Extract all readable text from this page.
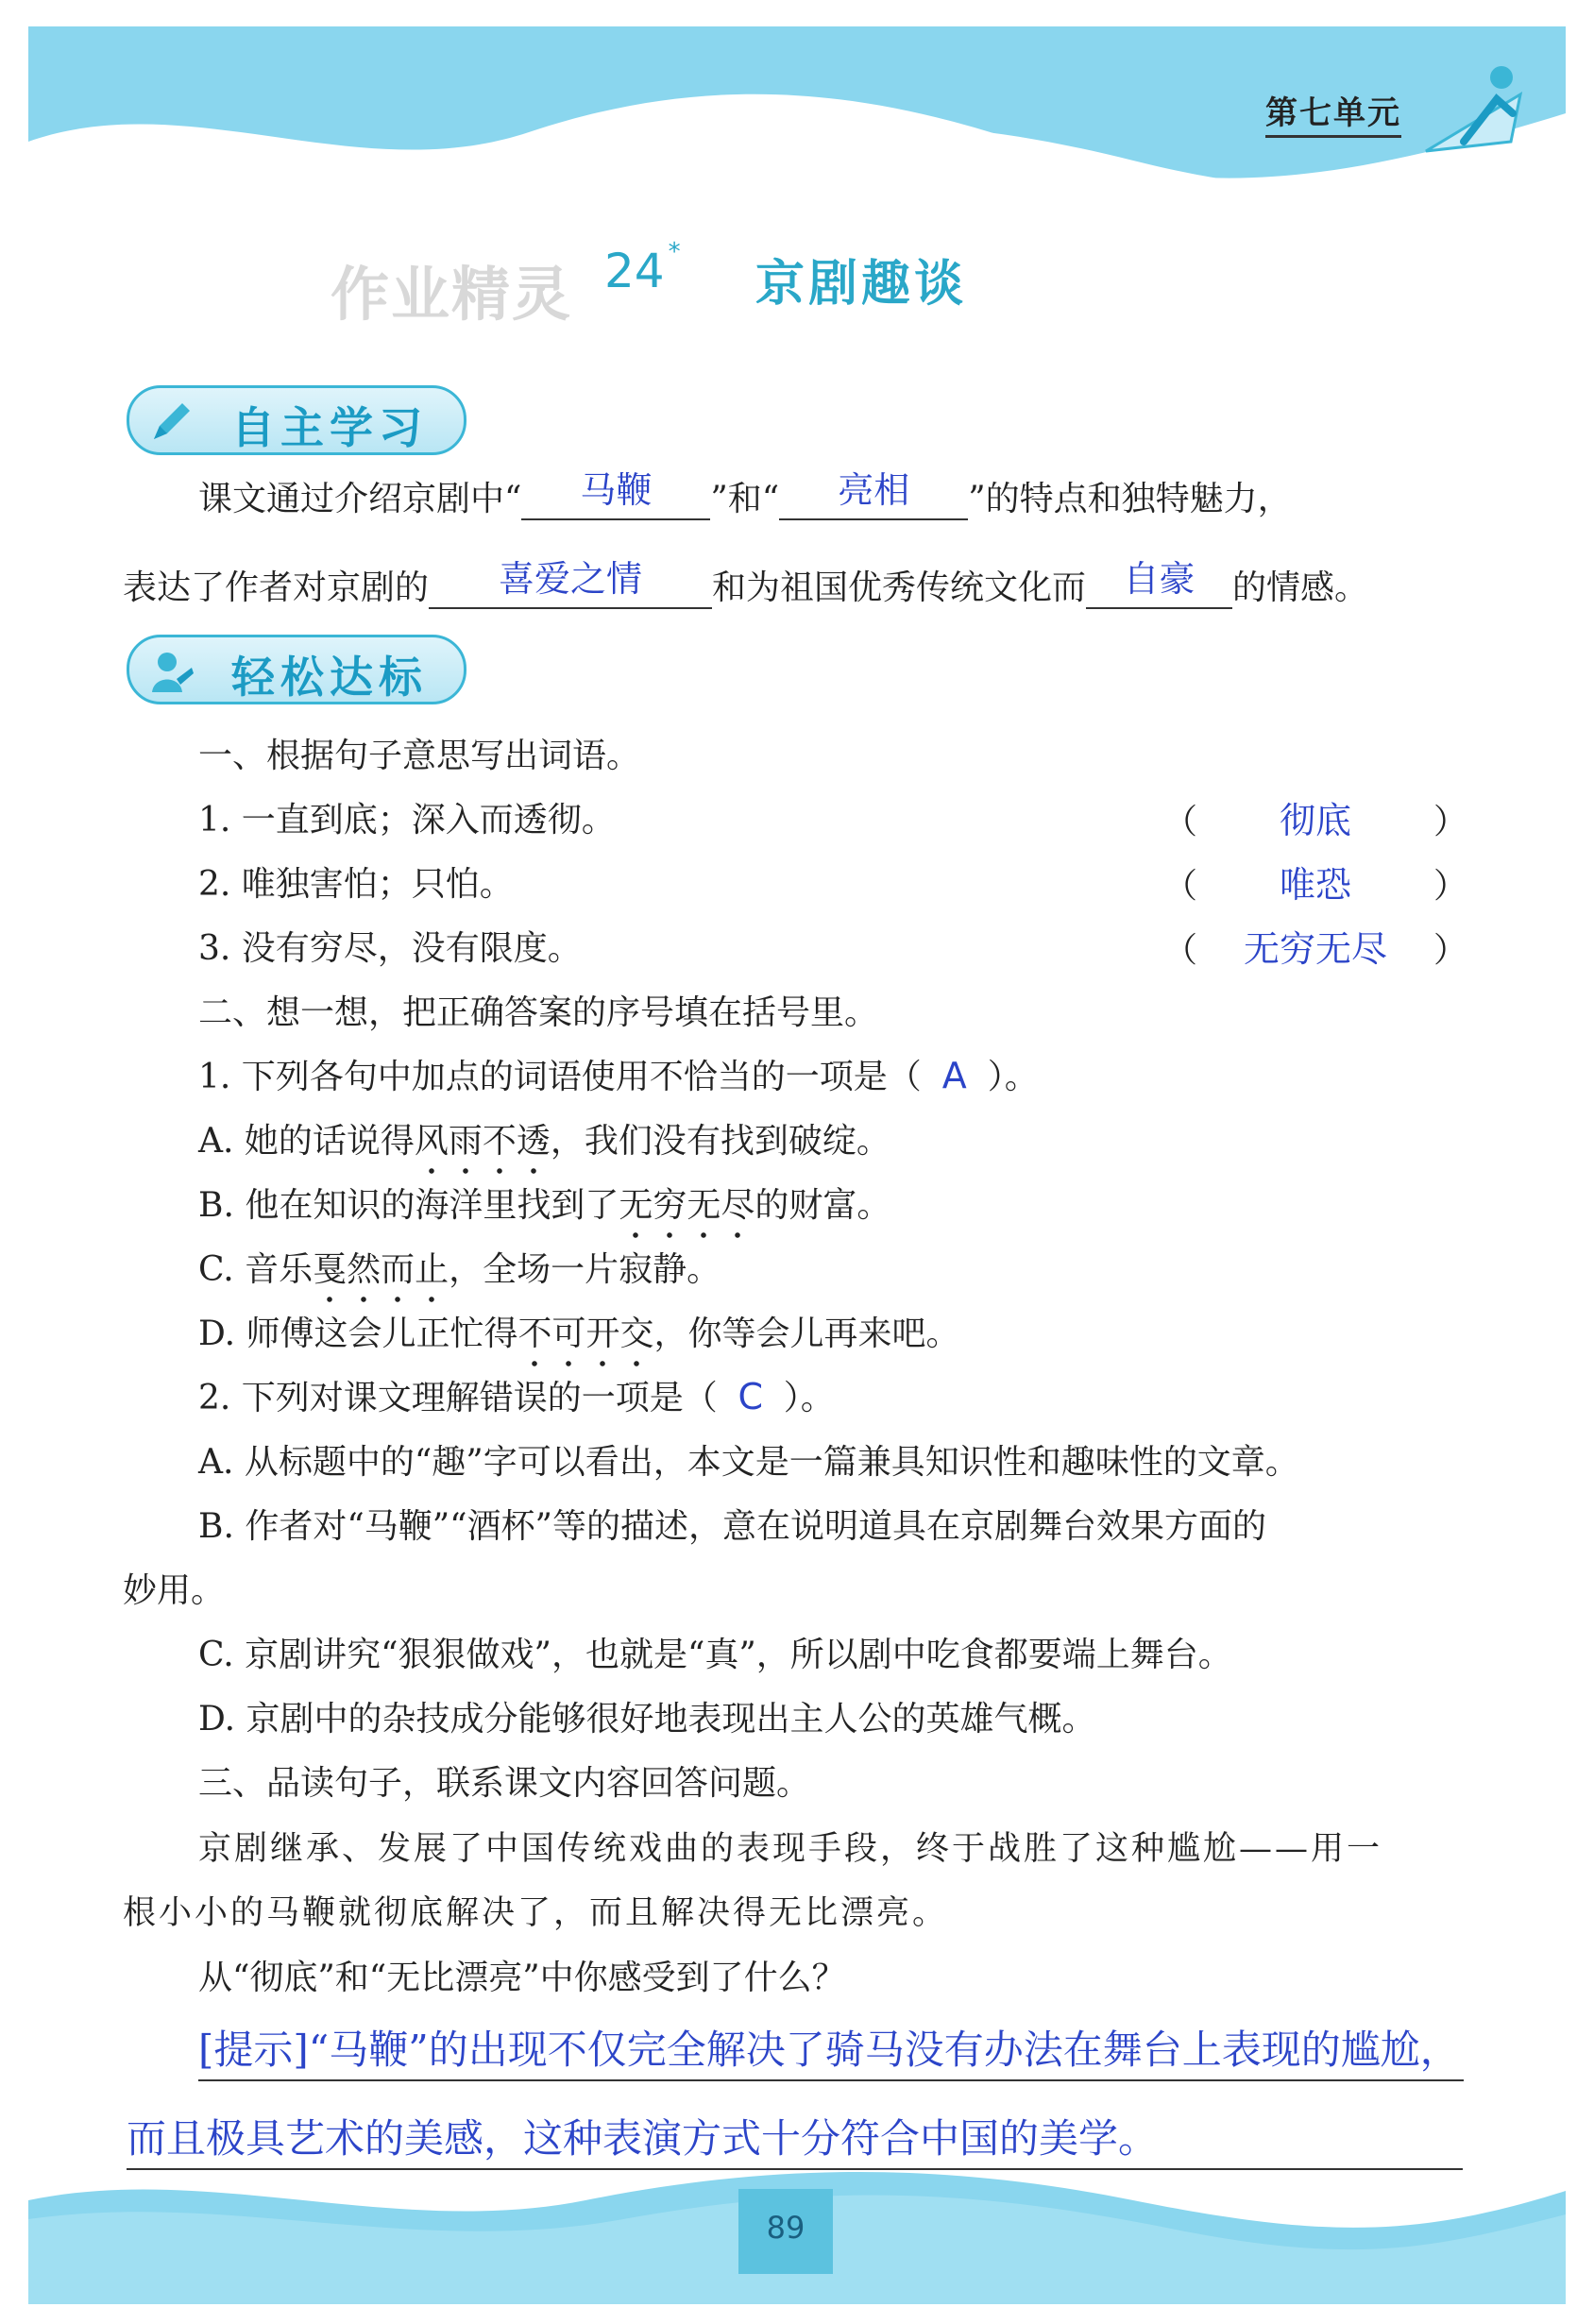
第七单元
作业精灵 24 *
京剧趣谈
自主学习
课文通过介绍京剧中“	马鞭	”和“	亮相	”的特点和独特魅力，
表达了作者对京剧的	喜爱之情	和为祖国优秀传统文化而	自豪	的情感。
轻松达标
一、根据句子意思写出词语。
1. 一直到底；深入而透彻。	（ 彻底 ）
2. 唯独害怕；只怕。	（ 唯恐 ）
3. 没有穷尽，没有限度。	（ 无穷无尽 ）
二、想一想，把正确答案的序号填在括号里。
1. 下列各句中加点的词语使用不恰当的一项是（ A ）。
A. 她的话说得风雨不透，我们没有找到破绽。
B. 他在知识的海洋里找到了无穷无尽的财富。
C. 音乐戛然而止，全场一片寂静。
D. 师傅这会儿正忙得不可开交，你等会儿再来吧。
2. 下列对课文理解错误的一项是（ C ）。
A. 从标题中的“趣”字可以看出，本文是一篇兼具知识性和趣味性的文章。
B. 作者对“马鞭”“酒杯”等的描述，意在说明道具在京剧舞台效果方面的
妙用。
C. 京剧讲究“狠狠做戏”，也就是“真”，所以剧中吃食都要端上舞台。
D. 京剧中的杂技成分能够很好地表现出主人公的英雄气概。
三、品读句子，联系课文内容回答问题。
京剧继承、发展了中国传统戏曲的表现手段，终于战胜了这种尴尬——用一
根小小的马鞭就彻底解决了，而且解决得无比漂亮。
从“彻底”和“无比漂亮”中你感受到了什么？
[提示]“马鞭”的出现不仅完全解决了骑马没有办法在舞台上表现的尴尬，
而且极具艺术的美感，这种表演方式十分符合中国的美学。
89
